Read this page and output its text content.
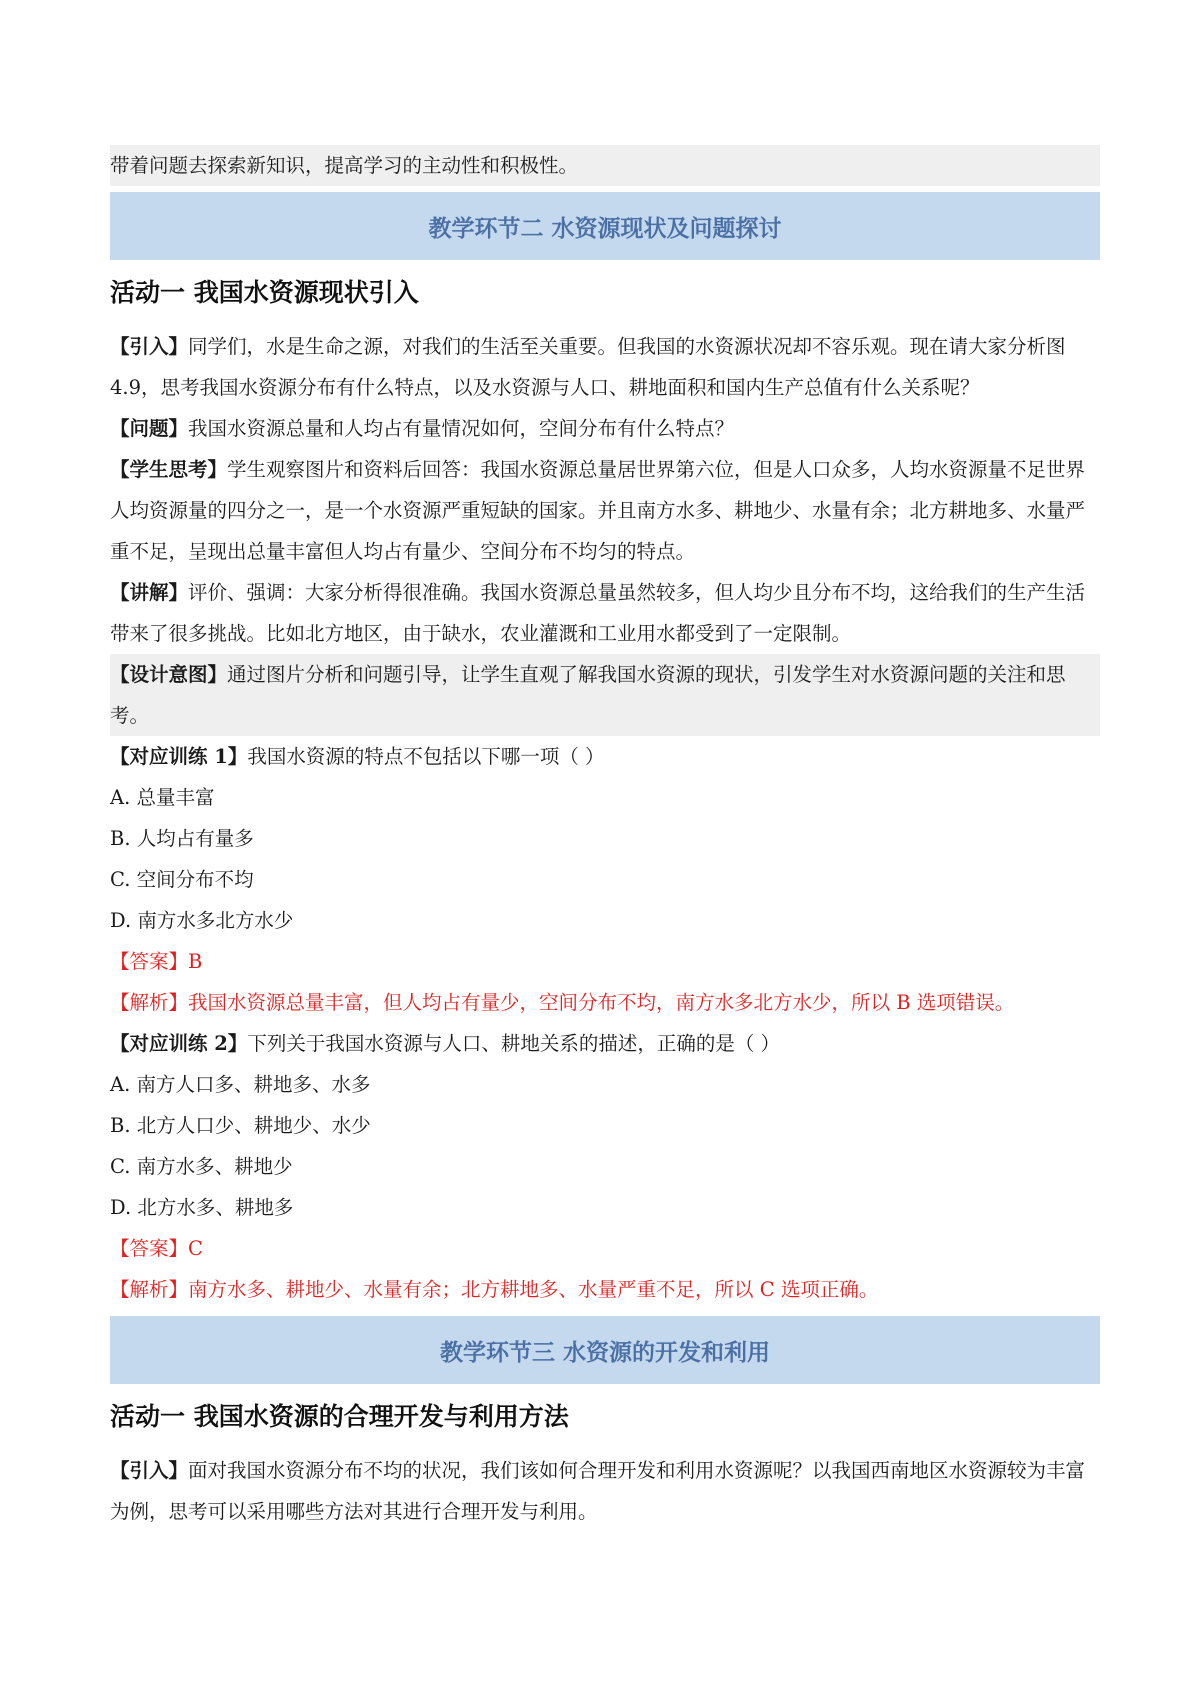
带着问题去探索新知识，提高学习的主动性和积极性。

教学环节二 水资源现状及问题探讨
活动一 我国水资源现状引入

【引入】同学们，水是生命之源，对我们的生活至关重要。但我国的水资源状况却不容乐观。现在请大家分析图 4.9，思考我国水资源分布有什么特点，以及水资源与人口、耕地面积和国内生产总值有什么关系呢？

【问题】我国水资源总量和人均占有量情况如何，空间分布有什么特点？

【学生思考】学生观察图片和资料后回答：我国水资源总量居世界第六位，但是人口众多，人均水资源量不足世界人均资源量的四分之一，是一个水资源严重短缺的国家。并且南方水多、耕地少、水量有余；北方耕地多、水量严重不足，呈现出总量丰富但人均占有量少、空间分布不均匀的特点。

【讲解】评价、强调：大家分析得很准确。我国水资源总量虽然较多，但人均少且分布不均，这给我们的生产生活带来了很多挑战。比如北方地区，由于缺水，农业灌溉和工业用水都受到了一定限制。

【设计意图】通过图片分析和问题引导，让学生直观了解我国水资源的现状，引发学生对水资源问题的关注和思考。

【对应训练 1】我国水资源的特点不包括以下哪一项（ ）

A. 总量丰富

B. 人均占有量多

C. 空间分布不均

D. 南方水多北方水少

【答案】B

【解析】我国水资源总量丰富，但人均占有量少，空间分布不均，南方水多北方水少，所以 B 选项错误。

【对应训练 2】下列关于我国水资源与人口、耕地关系的描述，正确的是（ ）

A. 南方人口多、耕地多、水多

B. 北方人口少、耕地少、水少

C. 南方水多、耕地少

D. 北方水多、耕地多

【答案】C

【解析】南方水多、耕地少、水量有余；北方耕地多、水量严重不足，所以 C 选项正确。

教学环节三 水资源的开发和利用
活动一 我国水资源的合理开发与利用方法

【引入】面对我国水资源分布不均的状况，我们该如何合理开发和利用水资源呢？以我国西南地区水资源较为丰富为例，思考可以采用哪些方法对其进行合理开发与利用。
